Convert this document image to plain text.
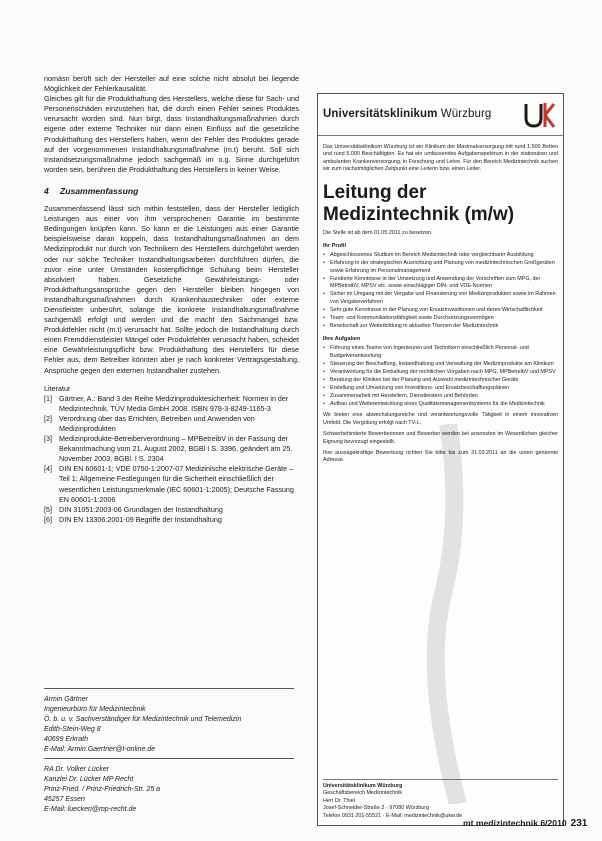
nomäsn berüft sich der Hersteller auf eine solche nicht absolut bei liegende Möglichkeit der Fehlerkausalität.

Gleiches gilt für die Produkthaftung des Herstellers, welche diese für Sach- und Personenschäden einzustehen hat, die durch einen Fehler seines Produktes verursacht worden sind. Nun birgt, dass Instandhaltungsmaßnahmen durch eigene oder externe Techniker nur dann einen Einfluss auf die gesetzliche Produkthaftung des Herstellers haben, wenn der Fehler des Produktes gerade auf der vorgenommenen Instandhaltungsmaßnahme (m.t) beruht. Soll sich Instandsetzungsmaßnahme jedoch sachgemäß im o.g. Sinne durchgeführt worden sein, berühren die Produkthaftung des Herstellers in keiner Weise.

4 Zusammenfassung

Zusammenfassend lässt sich mithin feststellen, dass der Hersteller lediglich Leistungen aus einer von ihm versprochenen Garantie im bestimmte Bedingungen knüpfen kann. So kann er die Leistungen aus einer Garantie beispielsweise daran koppeln, dass Instandhaltungsmaßnahmen an dem Medizinprodukt nur durch von Technikern des Herstellers durchgeführt werden oder nur solche Techniker Instandhaltungsarbeiten durchführen dürfen, die zuvor eine unter Umständen kostenpflichtige Schulung beim Hersteller absolviert haben. Gesetzliche Gewährleistungs- oder Produkthaftungsansprüche gegen den Hersteller bleiben hingegen von Instandhaltungsmaßnahmen durch Krankenhaustechniker oder externe Dienstleister unberührt, solange die konkrete Instandhaltungsmaßnahme sachgemäß erfolgt und werden und die macht den Sachmangel bzw. Produktfehler nicht (m.t) verursacht hat. Sollte jedoch die Instandhaltung durch einen Fremddienstleister Mängel oder Produktfehler verursacht haben, scheidet eine Gewährleistungspflicht bzw. Produkthaftung des Herstellers für diese Fehler aus, dem Betreiber könnten aber je nach konkreter Vertragsgestaltung, Ansprüche gegen den externen Instandhalter zustehen.

Literatur

[1] Gärtner, A.: Band 3 der Reihe Medizinproduktesicherheit: Normen in der Medizintechnik. TÜV Media GmbH 2008. ISBN 978-3-8249-1165-3
[2] Verordnung über das Errichten, Betreiben und Anwenden von Medizinprodukten
[3] Medizinprodukte-Betreiberverordnung – MPBetreibV in der Fassung der Bekanntmachung vom 21. August 2002, BGBl I S. 3396, geändert am 25. November 2003, BGBl. I S. 2304
[4] DIN EN 60601-1; VDE 0750-1:2007-07 Medizinische elektrische Geräte – Teil 1: Allgemeine Festlegungen für die Sicherheit einschließlich der wesentlichen Leistungsmerkmale (IEC 60601-1:2005); Deutsche Fassung EN 60601-1:2006
[5] DIN 31051:2003-06 Grundlagen der Instandhaltung
[6] DIN EN 13306:2001-09 Begriffe der Instandhaltung
Armin Gärtner
Ingenieurbüro für Medizintechnik
Ö. b. u. v. Sachverständiger für Medizintechnik und Telemedizin
Edith-Stein-Weg 8
40699 Erkrath
E-Mail: Armin.Gaertner@t-online.de
RA Dr. Volker Lücker
Kanzlei Dr. Lücker MP Recht
Prinz-Fried. / Prinz-Friedrich-Str. 25 a
45257 Essen
E-Mail: lueckeri@mp-recht.de
Universitätsklinikum Würzburg

Das Universitätsklinikum Würzburg ist ein Klinikum der Maximalversorgung mit rund 1.500 Betten und rund 5.000 Beschäftigten. Es hat ein umfassendes Aufgabenspektrum in der stationären und ambulanten Krankenversorgung, in Forschung und Lehre. Für den Bereich Medizintechnik suchen wir zum nächstmöglichen Zeitpunkt eine Leiterin bzw. einen Leiter.

Leitung der Medizintechnik (m/w)

Die Stelle ist ab dem 01.05.2011 zu besetzen.

Ihr Profil
•
Abgeschlossenes Studium im Bereich Medizintechnik oder vergleichbarer Ausbildung
•
Erfahrung in der strategischen Ausrichtung und Planung von medizintechnischen Großgeräten sowie Erfahrung im Personalmanagement
•
Fundierte Kenntnisse in der Umsetzung und Anwendung der Vorschriften zum MPG, der MPBetreibV, MPSV etc. sowie einschlägiger DIN- und VDE-Normen
•
Sicher im Umgang mit der Vergabe und Finanzierung von Medizinprodukten sowie im Rahmen von Vergabeverfahren
•
Sehr gute Kenntnisse in der Planung von Ersatzinvestitionen und deren Wirtschaftlichkeit
•
Team- und Kommunikationsfähigkeit sowie Durchsetzungsvermögen
•
Bereitschaft zur Weiterbildung in aktuellen Themen der Medizintechnik
Ihre Aufgaben
•
Führung eines Teams von Ingenieuren und Technikern einschließlich Personal- und Budgetverantwortung
•
Steuerung der Beschaffung, Instandhaltung und Verwaltung der Medizinprodukte am Klinikum
•
Verantwortung für die Einhaltung der rechtlichen Vorgaben nach MPG, MPBetreibV und MPSV
•
Beratung der Kliniken bei der Planung und Auswahl medizintechnischer Geräte
•
Erstellung und Umsetzung von Investitions- und Ersatzbeschaffungsplänen
•
Zusammenarbeit mit Herstellern, Dienstleistern und Behörden
•
Aufbau und Weiterentwicklung eines Qualitätsmanagementsystems für die Medizintechnik

Wir bieten eine abwechslungsreiche und verantwortungsvolle Tätigkeit in einem innovativen Umfeld. Die Vergütung erfolgt nach TV-L.

Schwerbehinderte Bewerberinnen und Bewerber werden bei ansonsten im Wesentlichen gleicher Eignung bevorzugt eingestellt.

Ihre aussagekräftige Bewerbung richten Sie bitte bis zum 31.03.2011 an die unten genannte Adresse.

Universitätsklinikum Würzburg
Geschäftsbereich Medizintechnik
Herr Dr. Thiel
Josef-Schneider-Straße 2 · 97080 Würzburg
Telefon 0931 201-55521 · E-Mail: medizintechnik@ukw.de
mt medizintechnik 6/2010 231
